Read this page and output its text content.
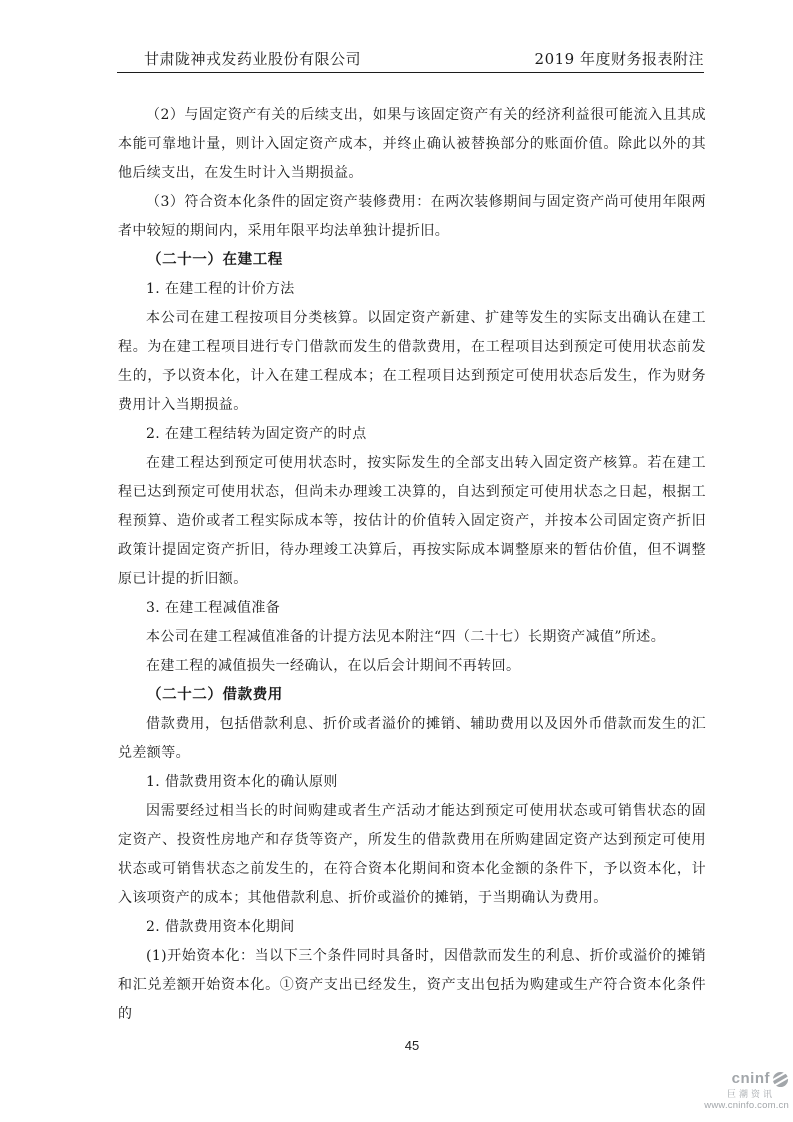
甘肃陇神戎发药业股份有限公司	2019 年度财务报表附注

（2）与固定资产有关的后续支出，如果与该固定资产有关的经济利益很可能流入且其成本能可靠地计量，则计入固定资产成本，并终止确认被替换部分的账面价值。除此以外的其他后续支出，在发生时计入当期损益。

（3）符合资本化条件的固定资产装修费用：在两次装修期间与固定资产尚可使用年限两者中较短的期间内，采用年限平均法单独计提折旧。

（二十一）在建工程

1. 在建工程的计价方法

本公司在建工程按项目分类核算。以固定资产新建、扩建等发生的实际支出确认在建工程。为在建工程项目进行专门借款而发生的借款费用，在工程项目达到预定可使用状态前发生的，予以资本化，计入在建工程成本；在工程项目达到预定可使用状态后发生，作为财务费用计入当期损益。

2. 在建工程结转为固定资产的时点

在建工程达到预定可使用状态时，按实际发生的全部支出转入固定资产核算。若在建工程已达到预定可使用状态，但尚未办理竣工决算的，自达到预定可使用状态之日起，根据工程预算、造价或者工程实际成本等，按估计的价值转入固定资产，并按本公司固定资产折旧政策计提固定资产折旧，待办理竣工决算后，再按实际成本调整原来的暂估价值，但不调整原已计提的折旧额。

3. 在建工程减值准备

本公司在建工程减值准备的计提方法见本附注“四（二十七）长期资产减值”所述。

在建工程的减值损失一经确认，在以后会计期间不再转回。

（二十二）借款费用

借款费用，包括借款利息、折价或者溢价的摊销、辅助费用以及因外币借款而发生的汇兑差额等。

1. 借款费用资本化的确认原则

因需要经过相当长的时间购建或者生产活动才能达到预定可使用状态或可销售状态的固定资产、投资性房地产和存货等资产，所发生的借款费用在所购建固定资产达到预定可使用状态或可销售状态之前发生的，在符合资本化期间和资本化金额的条件下，予以资本化，计入该项资产的成本；其他借款利息、折价或溢价的摊销，于当期确认为费用。

2. 借款费用资本化期间

(1)开始资本化：当以下三个条件同时具备时，因借款而发生的利息、折价或溢价的摊销和汇兑差额开始资本化。①资产支出已经发生，资产支出包括为购建或生产符合资本化条件的

45
cninf
巨潮资讯
www.cninfo.com.cn
